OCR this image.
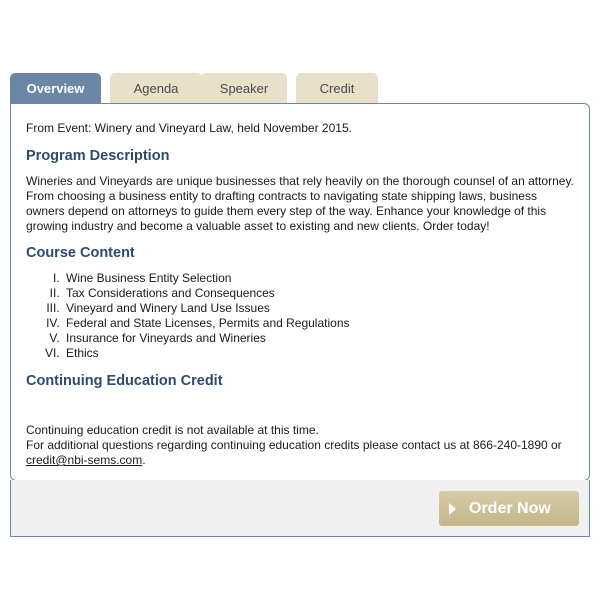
Overview	Agenda	Speaker	Credit

From Event: Winery and Vineyard Law, held November 2015.

Program Description

Wineries and Vineyards are unique businesses that rely heavily on the thorough counsel of an attorney. From choosing a business entity to drafting contracts to navigating state shipping laws, business owners depend on attorneys to guide them every step of the way. Enhance your knowledge of this growing industry and become a valuable asset to existing and new clients. Order today!

Course Content
I. Wine Business Entity Selection
II. Tax Considerations and Consequences
III. Vineyard and Winery Land Use Issues
IV. Federal and State Licenses, Permits and Regulations
V. Insurance for Vineyards and Wineries
VI. Ethics
Continuing Education Credit

Continuing education credit is not available at this time.

For additional questions regarding continuing education credits please contact us at 866-240-1890 or
credit@nbi-sems.com.

Order Now
